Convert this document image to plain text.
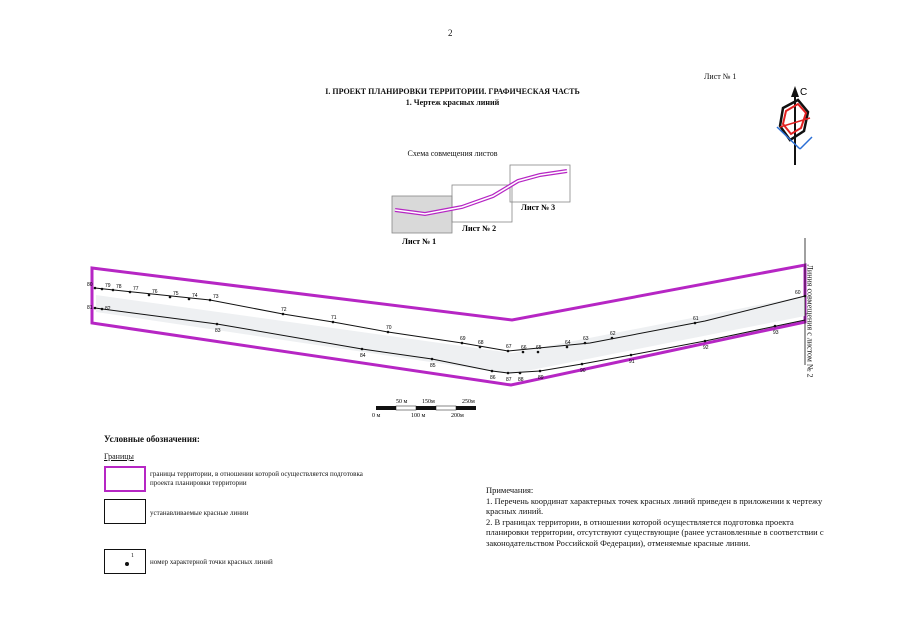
2
Лист № 1
I. ПРОЕКТ ПЛАНИРОВКИ ТЕРРИТОРИИ. ГРАФИЧЕСКАЯ ЧАСТЬ
1. Чертеж красных линий
Схема совмещения листов
С
Лист № 1
Лист № 2
Лист № 3
80 79 78 77	76	75	74	73
72
71
70
69
68
67 66 65
64
63
62
61
60
81 82
83
84
85
86 87 88	89
90
91
92
93
50 м 150м	250м
0 м	100 м	200м
Линия совмещения с листом № 2
Условные обозначения:
Границы
границы территории, в отношении которой осуществляется подготовка проекта планировки территории
устанавливаемые красные линии
1
номер характерной точки красных линий

Примечания:

1. Перечень координат характерных точек красных линий приведен в приложении к чертежу красных линий.

2. В границах территории, в отношении которой осуществляется подготовка проекта планировки территории, отсутствуют существующие (ранее установленные в соответствии с законодательством Российской Федерации), отменяемые красные линии.
